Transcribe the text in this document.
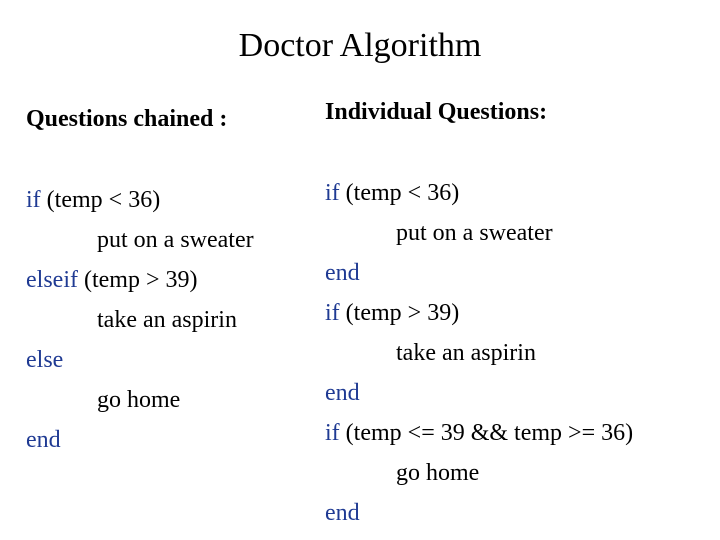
Doctor Algorithm
Questions chained :	Individual Questions:
if (temp < 36)
put on a sweater
elseif (temp > 39)
take an aspirin
else
go home
end
if (temp < 36)
put on a sweater
end
if (temp > 39)
take an aspirin
end
if (temp <= 39 && temp >= 36)
go home
end
